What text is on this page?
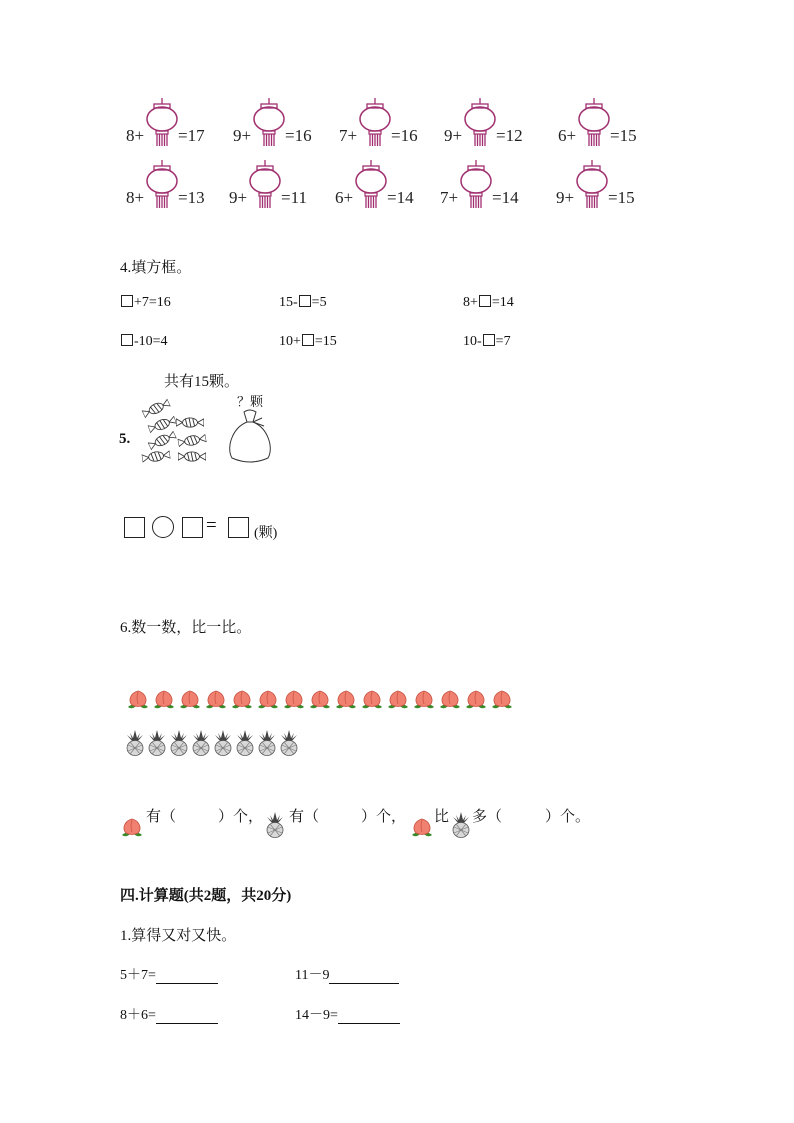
8+ =17 9+ =16 7+ =16 9+ =12 6+ =15
8+ =13 9+ =11 6+ =14 7+ =14 9+ =15
4.填方框。
+7=16	15- =5	8+ =14
-10=4	10+ =15	10- =7
共有15颗。
？颗
5.
=	(颗)
6.数一数，比一比。
有（	）个， 有（	）个， 比 多（	）个。
四.计算题(共2题，共20分)
1.算得又对又快。
5＋7=	11－9
8＋6=	14－9=
